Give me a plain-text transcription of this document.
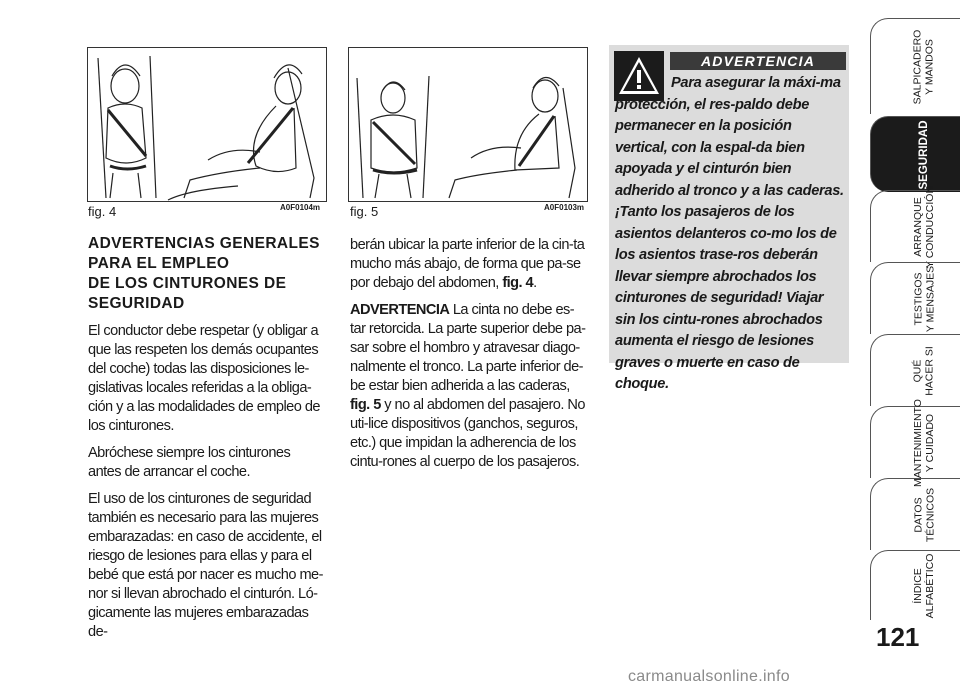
fig. 4	A0F0104m fig. 5	A0F0103m
ADVERTENCIAS GENERALES
PARA EL EMPLEO
DE LOS CINTURONES DE
SEGURIDAD

El conductor debe respetar (y obligar a que las respeten los demás ocupantes del coche) todas las disposiciones le-gislativas locales referidas a la obliga-ción y a las modalidades de empleo de los cinturones.

Abróchese siempre los cinturones antes de arrancar el coche.

El uso de los cinturones de seguridad también es necesario para las mujeres embarazadas: en caso de accidente, el riesgo de lesiones para ellas y para el bebé que está por nacer es mucho me-nor si llevan abrochado el cinturón. Ló-gicamente las mujeres embarazadas de-

berán ubicar la parte inferior de la cin-ta mucho más abajo, de forma que pa-se por debajo del abdomen, fig. 4.

ADVERTENCIA La cinta no debe es-tar retorcida. La parte superior debe pa-sar sobre el hombro y atravesar diago-nalmente el tronco. La parte inferior de-be estar bien adherida a las caderas, fig. 5 y no al abdomen del pasajero. No uti-lice dispositivos (ganchos, seguros, etc.) que impidan la adherencia de los cintu-rones al cuerpo de los pasajeros.

ADVERTENCIA
Para asegurar la máxi-ma protección, el res-paldo debe permanecer en la posición vertical, con la espal-da bien apoyada y el cinturón bien adherido al tronco y a las caderas. ¡Tanto los pasajeros de los asientos delanteros co-mo los de los asientos trase-ros deberán llevar siempre abrochados los cinturones de seguridad! Viajar sin los cintu-rones abrochados aumenta el riesgo de lesiones graves o muerte en caso de choque.
SALPICADERO Y MANDOS
SEGURIDAD
ARRANQUE Y CONDUCCIÓN
TESTIGOS Y MENSAJES
QUÉ HACER SI
MANTENIMIENTO Y CUIDADO
DATOS TÉCNICOS
ÍNDICE ALFABÉTICO
121
carmanualsonline.info
